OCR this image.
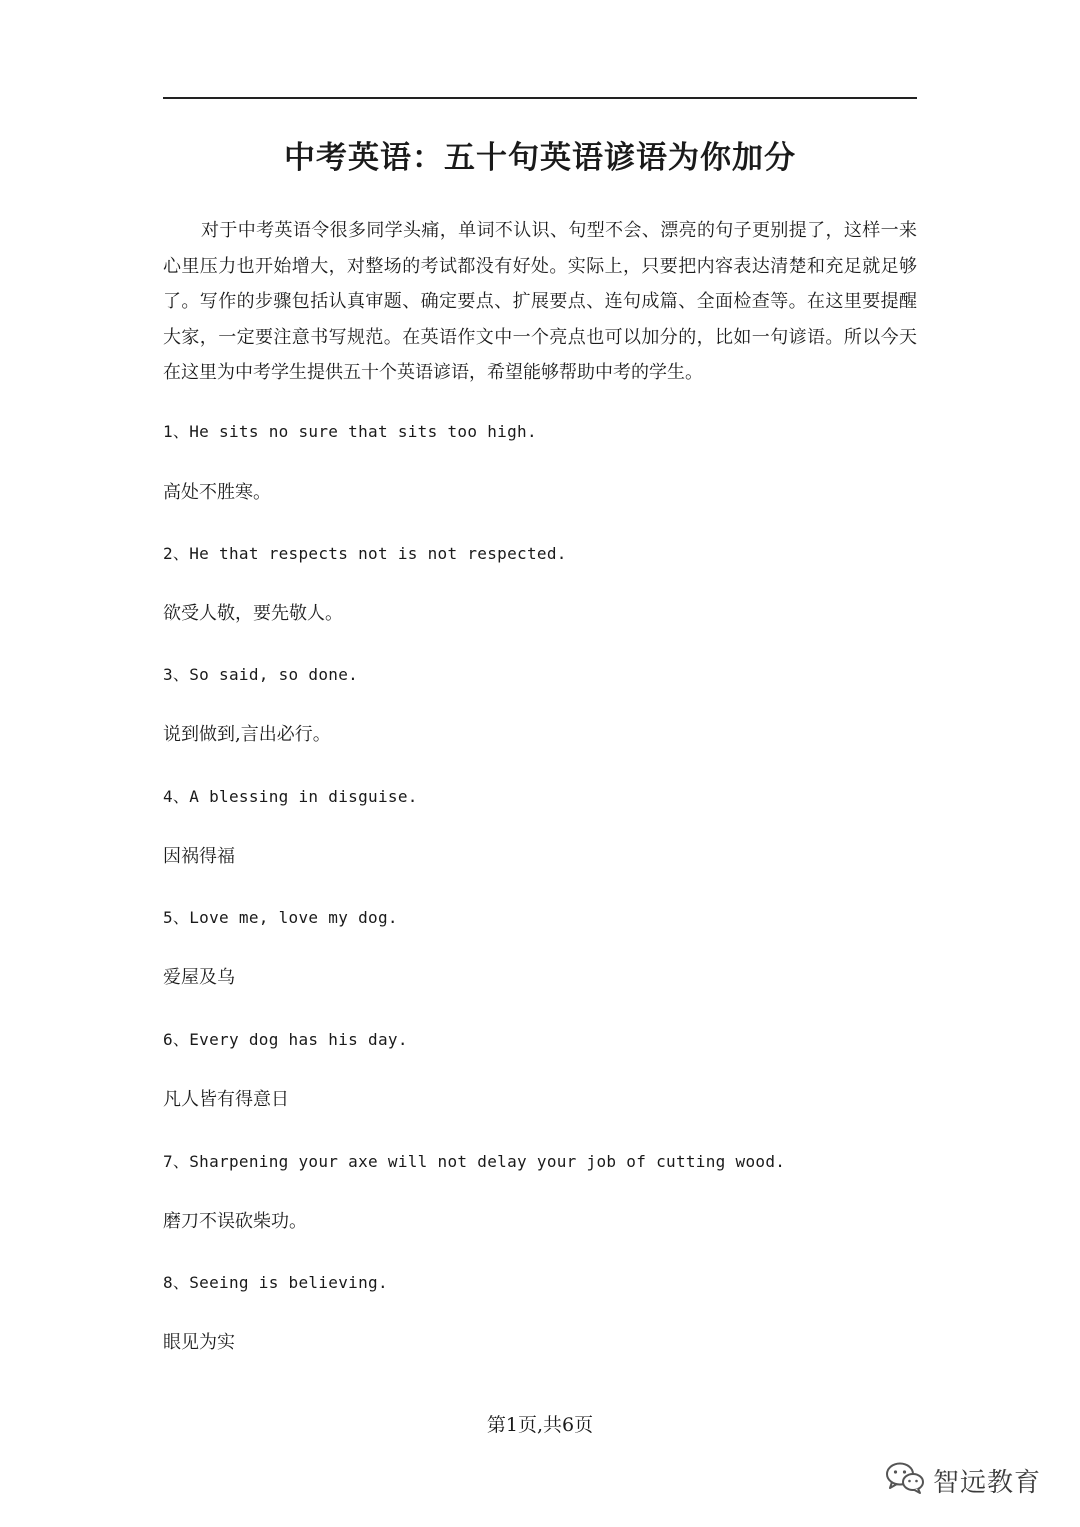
中考英语：五十句英语谚语为你加分

对于中考英语令很多同学头痛，单词不认识、句型不会、漂亮的句子更别提了，这样一来心里压力也开始增大，对整场的考试都没有好处。实际上，只要把内容表达清楚和充足就足够了。写作的步骤包括认真审题、确定要点、扩展要点、连句成篇、全面检查等。在这里要提醒大家，一定要注意书写规范。在英语作文中一个亮点也可以加分的，比如一句谚语。所以今天在这里为中考学生提供五十个英语谚语，希望能够帮助中考的学生。

1、He sits no sure that sits too high.
高处不胜寒。
2、He that respects not is not respected.
欲受人敬，要先敬人。
3、So said, so done.
说到做到,言出必行。
4、A blessing in disguise.
因祸得福
5、Love me, love my dog.
爱屋及乌
6、Every dog has his day.
凡人皆有得意日
7、Sharpening your axe will not delay your job of cutting wood.
磨刀不误砍柴功。
8、Seeing is believing.
眼见为实
第1页,共6页
智远教育
